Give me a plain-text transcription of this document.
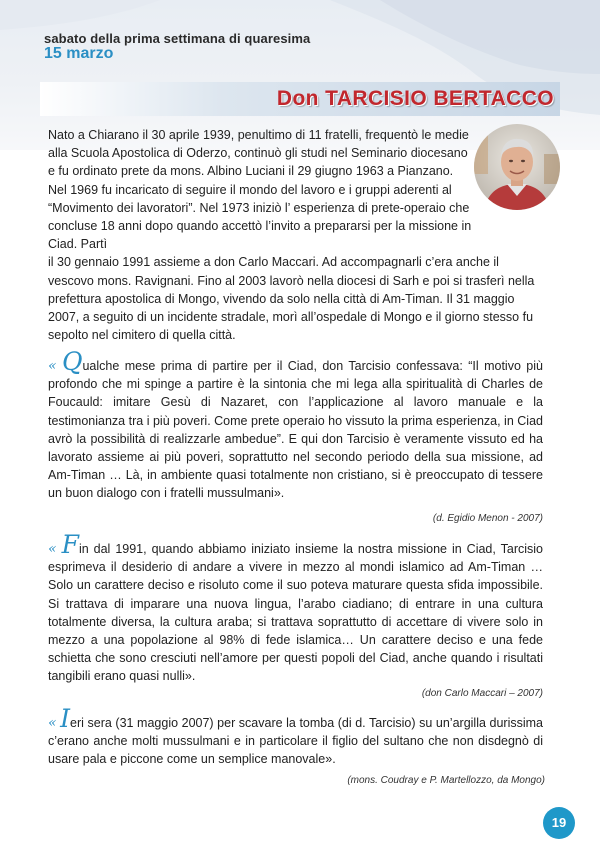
sabato della prima settimana di quaresima
15 marzo
Don TARCISIO BERTACCO
Nato a Chiarano il 30 aprile 1939, penultimo di 11 fratelli, frequentò le medie alla Scuola Apostolica di Oderzo, continuò gli studi nel Seminario diocesano e fu ordinato prete da mons. Albino Luciani il 29 giugno 1963 a Pianzano. Nel 1969 fu incaricato di seguire il mondo del lavoro e i gruppi aderenti al “Movimento dei lavoratori”. Nel 1973 iniziò l’ esperienza di prete-operaio che concluse 18 anni dopo quando accettò l’invito a prepararsi per la missione in Ciad. Partì
il 30 gennaio 1991 assieme a don Carlo Maccari. Ad accompagnarli c’era anche il vescovo mons. Ravignani. Fino al 2003 lavorò nella diocesi di Sarh e poi si trasferì nella prefettura apostolica di Mongo, vivendo da solo nella città di Am-Timan. Il 31 maggio 2007, a seguito di un incidente stradale, morì all’ospedale di Mongo e il giorno stesso fu sepolto nel cimitero di quella città.
« Qualche mese prima di partire per il Ciad, don Tarcisio confessava: “Il motivo più profondo che mi spinge a partire è la sintonia che mi lega alla spiritualità di Charles de Foucauld: imitare Gesù di Nazaret, con l’applicazione al lavoro manuale e la testimonianza tra i più poveri. Come prete operaio ho vissuto la prima esperienza, in Ciad avrò la possibilità di realizzarle ambedue”. E qui don Tarcisio è veramente vissuto ed ha lavorato assieme ai più poveri, soprattutto nel secondo periodo della sua missione, ad Am-Timan … Là, in ambiente quasi totalmente non cristiano, si è preoccupato di tessere un buon dialogo con i fratelli mussulmani».
(d. Egidio Menon - 2007)
« Fin dal 1991, quando abbiamo iniziato insieme la nostra missione in Ciad, Tarcisio esprimeva il desiderio di andare a vivere in mezzo al mondi islamico ad Am-Timan … Solo un carattere deciso e risoluto come il suo poteva maturare questa sfida impossibile. Si trattava di imparare una nuova lingua, l’arabo ciadiano; di entrare in una cultura totalmente diversa, la cultura araba; si trattava soprattutto di accettare di vivere solo in mezzo a una popolazione al 98% di fede islamica… Un carattere deciso e una fede schietta che sono cresciuti nell’amore per questi popoli del Ciad, anche quando i risultati tangibili erano quasi nulli».
(don Carlo Maccari – 2007)
« Ieri sera (31 maggio 2007) per scavare la tomba (di d. Tarcisio) su un’argilla durissima c’erano anche molti mussulmani e in particolare il figlio del sultano che non disdegnò di usare pala e piccone come un semplice manovale».
(mons. Coudray e P. Martellozzo, da Mongo)
19
